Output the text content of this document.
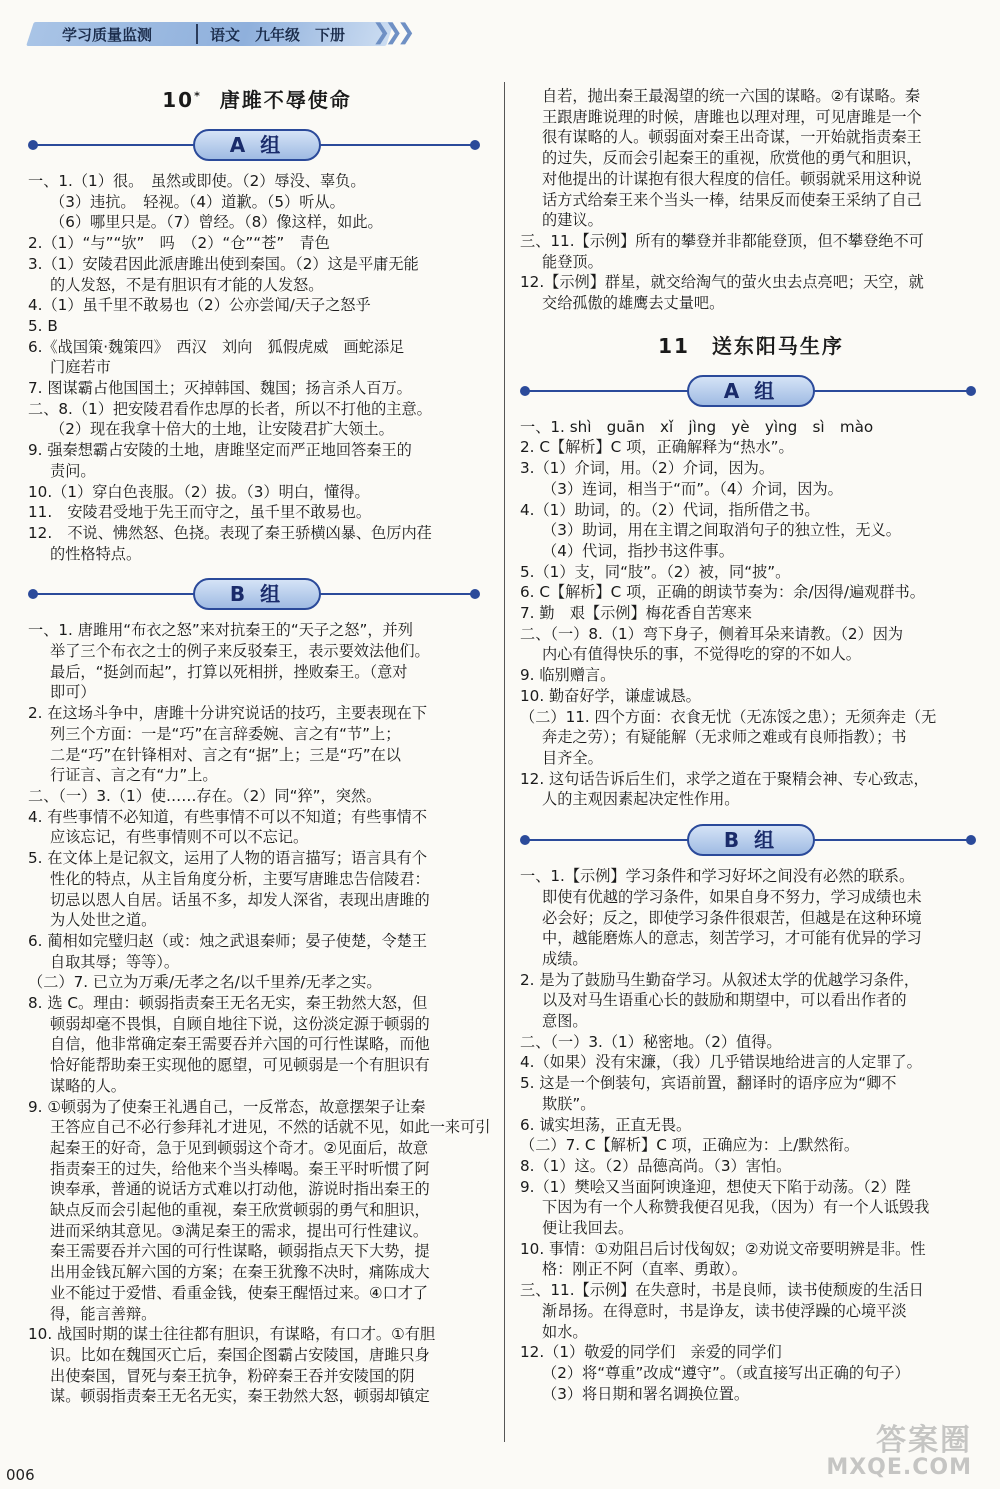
学习质量监测	语文　九年级　下册 ❯❯❯
10* 唐雎不辱使命
A 组
一、1.（1）很。　虽然或即使。（2）辱没、辜负。
（3）违抗。　轻视。（4）道歉。（5）听从。
（6）哪里只是。（7）曾经。（8）像这样，如此。
2.（1）“与”“欤”　吗　（2）“仓”“苍”　青色
3.（1）安陵君因此派唐雎出使到秦国。（2）这是平庸无能
的人发怒，不是有胆识有才能的人发怒。
4.（1）虽千里不敢易也（2）公亦尝闻/天子之怒乎
5. B
6.《战国策·魏策四》　西汉　刘向　狐假虎威　画蛇添足
门庭若市
7. 图谋霸占他国国土；灭掉韩国、魏国；扬言杀人百万。
二、8.（1）把安陵君看作忠厚的长者，所以不打他的主意。
（2）现在我拿十倍大的土地，让安陵君扩大领土。
9. 强秦想霸占安陵的土地，唐雎坚定而严正地回答秦王的
责问。
10.（1）穿白色丧服。（2）拔。（3）明白，懂得。
11.　安陵君受地于先王而守之，虽千里不敢易也。
12.　不说、怫然怒、色挠。表现了秦王骄横凶暴、色厉内荏
的性格特点。
B 组
一、1. 唐雎用“布衣之怒”来对抗秦王的“天子之怒”，并列
举了三个布衣之士的例子来反驳秦王，表示要效法他们。
最后，“挺剑而起”，打算以死相拼，挫败秦王。（意对
即可）
2. 在这场斗争中，唐雎十分讲究说话的技巧，主要表现在下
列三个方面：一是“巧”在言辞委婉、言之有“节”上；
二是“巧”在针锋相对、言之有“据”上；三是“巧”在以
行证言、言之有“力”上。
二、（一）3.（1）使……存在。（2）同“猝”，突然。
4. 有些事情不必知道，有些事情不可以不知道；有些事情不
应该忘记，有些事情则不可以不忘记。
5. 在文体上是记叙文，运用了人物的语言描写；语言具有个
性化的特点，从主旨角度分析，主要写唐雎忠告信陵君：
切忌以恩人自居。话虽不多，却发人深省，表现出唐雎的
为人处世之道。
6. 蔺相如完璧归赵（或：烛之武退秦师；晏子使楚，令楚王
自取其辱；等等）。
（二）7. 已立为万乘/无孝之名/以千里养/无孝之实。
8. 选 C。理由：顿弱指责秦王无名无实，秦王勃然大怒，但
顿弱却毫不畏惧，自顾自地往下说，这份淡定源于顿弱的
自信，他非常确定秦王需要吞并六国的可行性谋略，而他
恰好能帮助秦王实现他的愿望，可见顿弱是一个有胆识有
谋略的人。
9. ①顿弱为了使秦王礼遇自己，一反常态，故意摆架子让秦
王答应自己不必行参拜礼才进见，不然的话就不见，如此一来可引
起秦王的好奇，急于见到顿弱这个奇才。②见面后，故意
指责秦王的过失，给他来个当头棒喝。秦王平时听惯了阿
谀奉承，普通的说话方式难以打动他，游说时指出秦王的
缺点反而会引起他的重视，秦王欣赏顿弱的勇气和胆识，
进而采纳其意见。③满足秦王的需求，提出可行性建议。
秦王需要吞并六国的可行性谋略，顿弱指点天下大势，提
出用金钱瓦解六国的方案；在秦王犹豫不决时，痛陈成大
业不能过于爱惜、看重金钱，使秦王醒悟过来。④口才了
得，能言善辩。
10. 战国时期的谋士往往都有胆识，有谋略，有口才。①有胆
识。比如在魏国灭亡后，秦国企图霸占安陵国，唐雎只身
出使秦国，冒死与秦王抗争，粉碎秦王吞并安陵国的阴
谋。顿弱指责秦王无名无实，秦王勃然大怒，顿弱却镇定
自若，抛出秦王最渴望的统一六国的谋略。②有谋略。秦
王跟唐雎说理的时候，唐雎也以理对理，可见唐雎是一个
很有谋略的人。顿弱面对秦王出奇谋，一开始就指责秦王
的过失，反而会引起秦王的重视，欣赏他的勇气和胆识，
对他提出的计谋抱有很大程度的信任。顿弱就采用这种说
话方式给秦王来个当头一棒，结果反而使秦王采纳了自己
的建议。
三、11.【示例】所有的攀登并非都能登顶，但不攀登绝不可
能登顶。
12.【示例】群星，就交给淘气的萤火虫去点亮吧；天空，就
交给孤傲的雄鹰去丈量吧。
11　送东阳马生序
A 组
一、1. shì　guān　xǐ　jìng　yè　yìng　sì　mào
2. C【解析】C 项，正确解释为“热水”。
3.（1）介词，用。（2）介词，因为。
（3）连词，相当于“而”。（4）介词，因为。
4.（1）助词，的。（2）代词，指所借之书。
（3）助词，用在主谓之间取消句子的独立性，无义。
（4）代词，指抄书这件事。
5.（1）支，同“肢”。（2）被，同“披”。
6. C【解析】C 项，正确的朗读节奏为：余/因得/遍观群书。
7. 勤　艰【示例】梅花香自苦寒来
二、（一）8.（1）弯下身子，侧着耳朵来请教。（2）因为
内心有值得快乐的事，不觉得吃的穿的不如人。
9. 临别赠言。
10. 勤奋好学，谦虚诚恳。
（二）11. 四个方面：衣食无忧（无冻馁之患）；无须奔走（无
奔走之劳）；有疑能解（无求师之难或有良师指教）；书
目齐全。
12. 这句话告诉后生们，求学之道在于聚精会神、专心致志，
人的主观因素起决定性作用。
B 组
一、1.【示例】学习条件和学习好坏之间没有必然的联系。
即使有优越的学习条件，如果自身不努力，学习成绩也未
必会好；反之，即使学习条件很艰苦，但越是在这种环境
中，越能磨炼人的意志，刻苦学习，才可能有优异的学习
成绩。
2. 是为了鼓励马生勤奋学习。从叙述太学的优越学习条件，
以及对马生语重心长的鼓励和期望中，可以看出作者的
意图。
二、（一）3.（1）秘密地。（2）值得。
4.（如果）没有宋濂，（我）几乎错误地给进言的人定罪了。
5. 这是一个倒装句，宾语前置，翻译时的语序应为“卿不
欺朕”。
6. 诚实坦荡，正直无畏。
（二）7. C【解析】C 项，正确应为：上/默然衔。
8.（1）这。（2）品德高尚。（3）害怕。
9.（1）樊哙又当面阿谀逢迎，想使天下陷于动荡。（2）陛
下因为有一个人称赞我便召见我，（因为）有一个人诋毁我
便让我回去。
10. 事情：①劝阻吕后讨伐匈奴；②劝说文帝要明辨是非。性
格：刚正不阿（直率、勇敢）。
三、11.【示例】在失意时，书是良师，读书使颓废的生活日
渐昂扬。在得意时，书是诤友，读书使浮躁的心境平淡
如水。
12.（1）敬爱的同学们　亲爱的同学们
（2）将“尊重”改成“遵守”。（或直接写出正确的句子）
（3）将日期和署名调换位置。
006
答案圈
MXQE.COM
